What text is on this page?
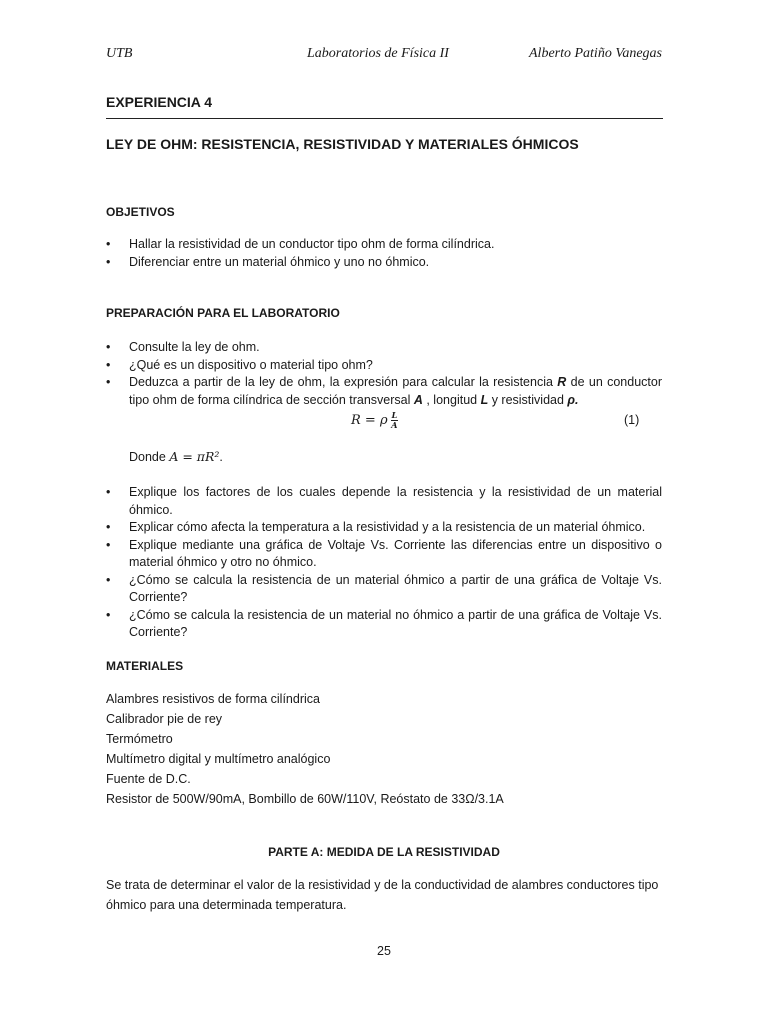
UTB	Laboratorios de Física II	Alberto Patiño Vanegas
EXPERIENCIA 4
LEY DE OHM: RESISTENCIA, RESISTIVIDAD Y MATERIALES ÓHMICOS
OBJETIVOS
• Hallar la resistividad de un conductor tipo ohm de forma cilíndrica.
• Diferenciar entre un material óhmico y uno no óhmico.
PREPARACIÓN PARA EL LABORATORIO
• Consulte la ley de ohm.
• ¿Qué es un dispositivo o material tipo ohm?
• Deduzca a partir de la ley de ohm, la expresión para calcular la resistencia R de un conductor tipo ohm de forma cilíndrica de sección transversal A , longitud L y resistividad ρ.
R = ρ $\frac{L}{A}$	(1)
Donde A = πR².
• Explique los factores de los cuales depende la resistencia y la resistividad de un material óhmico.
• Explicar cómo afecta la temperatura a la resistividad y a la resistencia de un material óhmico.
• Explique mediante una gráfica de Voltaje Vs. Corriente las diferencias entre un dispositivo o material óhmico y otro no óhmico.
• ¿Cómo se calcula la resistencia de un material óhmico a partir de una gráfica de Voltaje Vs. Corriente?
• ¿Cómo se calcula la resistencia de un material no óhmico a partir de una gráfica de Voltaje Vs. Corriente?
MATERIALES
Alambres resistivos de forma cilíndrica
Calibrador pie de rey
Termómetro
Multímetro digital y multímetro analógico
Fuente de D.C.
Resistor de 500W/90mA, Bombillo de 60W/110V, Reóstato de 33Ω/3.1A
PARTE A: MEDIDA DE LA RESISTIVIDAD
Se trata de determinar el valor de la resistividad y de la conductividad de alambres conductores tipo óhmico para una determinada temperatura.
25
